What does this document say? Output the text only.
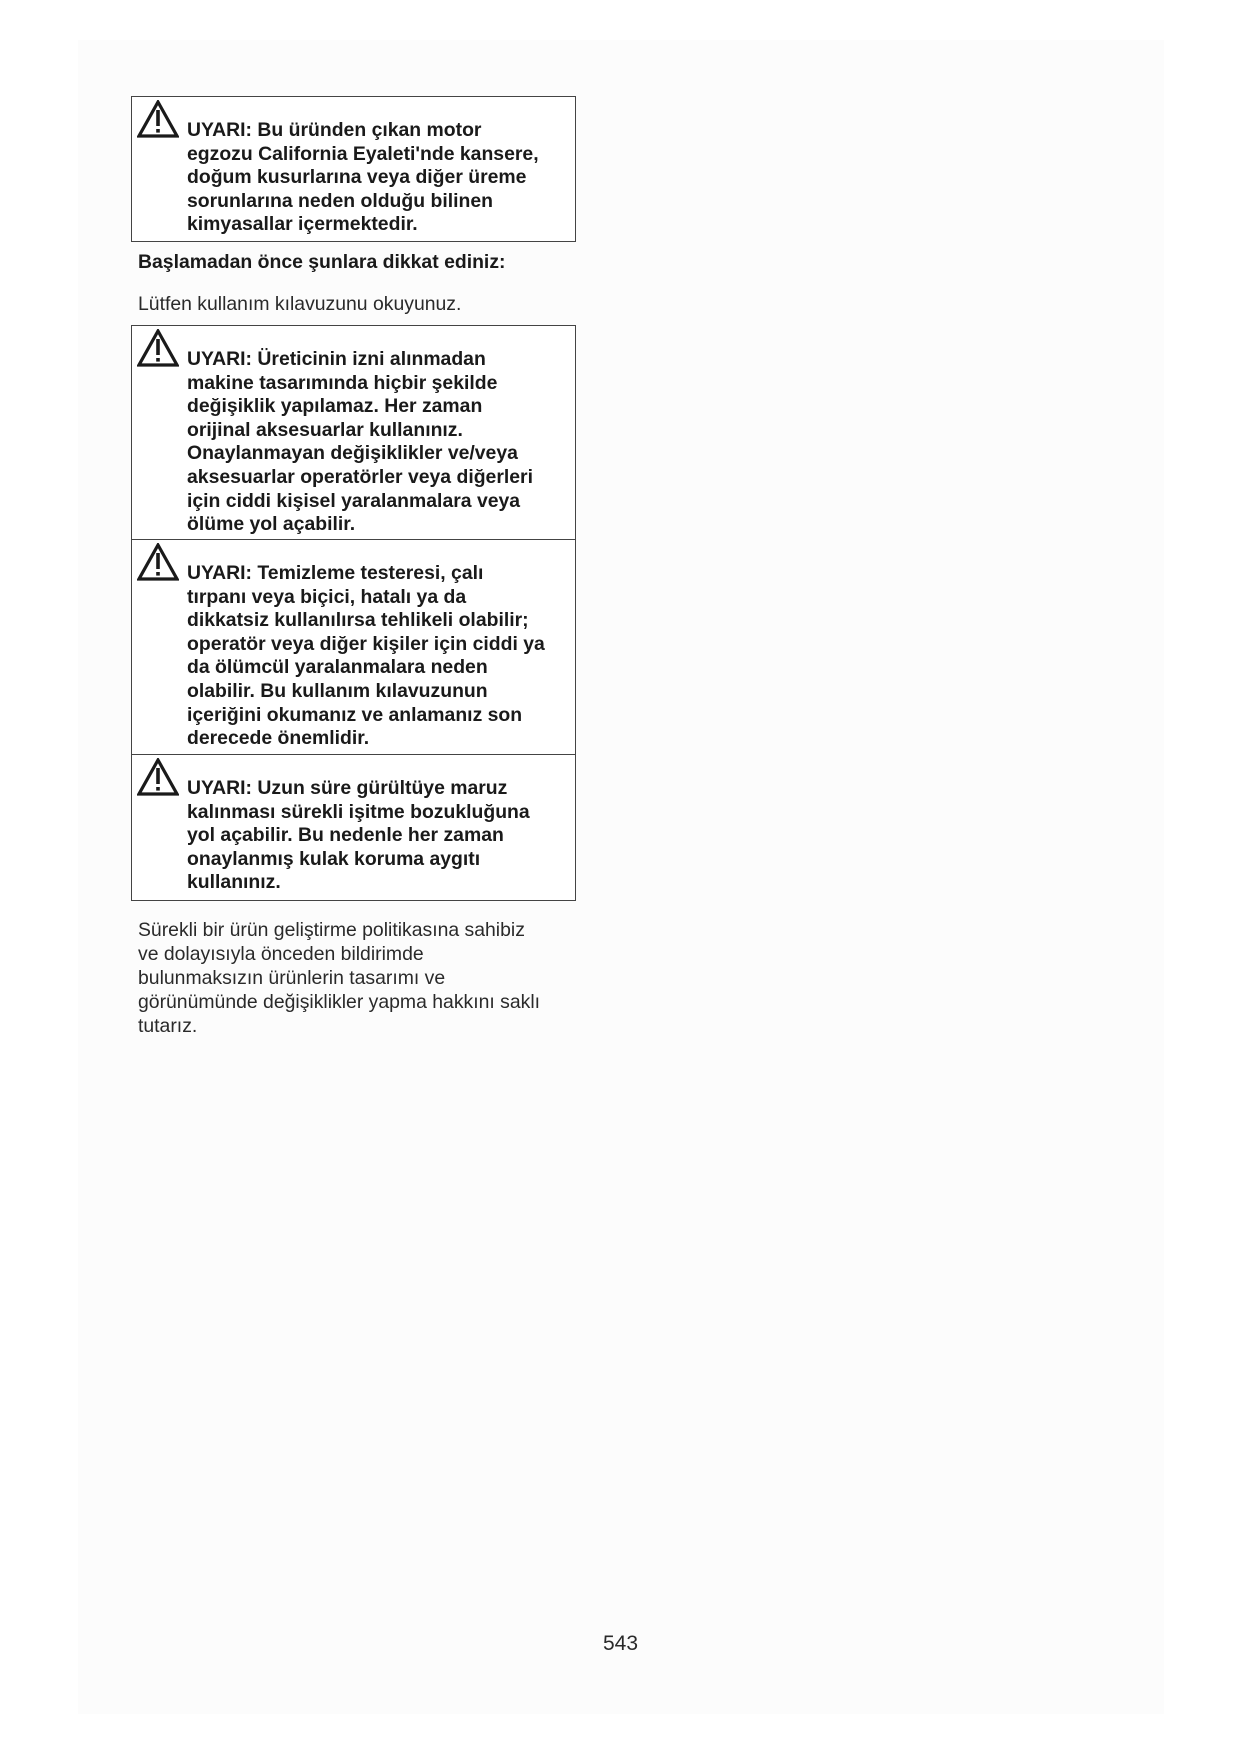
UYARI: Bu üründen çıkan motor
egzozu California Eyaleti'nde kansere,
doğum kusurlarına veya diğer üreme
sorunlarına neden olduğu bilinen
kimyasallar içermektedir.
Başlamadan önce şunlara dikkat ediniz:
Lütfen kullanım kılavuzunu okuyunuz.
UYARI: Üreticinin izni alınmadan
makine tasarımında hiçbir şekilde
değişiklik yapılamaz. Her zaman
orijinal aksesuarlar kullanınız.
Onaylanmayan değişiklikler ve/veya
aksesuarlar operatörler veya diğerleri
için ciddi kişisel yaralanmalara veya
ölüme yol açabilir.
UYARI: Temizleme testeresi, çalı
tırpanı veya biçici, hatalı ya da
dikkatsiz kullanılırsa tehlikeli olabilir;
operatör veya diğer kişiler için ciddi ya
da ölümcül yaralanmalara neden
olabilir. Bu kullanım kılavuzunun
içeriğini okumanız ve anlamanız son
derecede önemlidir.
UYARI: Uzun süre gürültüye maruz
kalınması sürekli işitme bozukluğuna
yol açabilir. Bu nedenle her zaman
onaylanmış kulak koruma aygıtı
kullanınız.
Sürekli bir ürün geliştirme politikasına sahibiz
ve dolayısıyla önceden bildirimde
bulunmaksızın ürünlerin tasarımı ve
görünümünde değişiklikler yapma hakkını saklı
tutarız.
543
